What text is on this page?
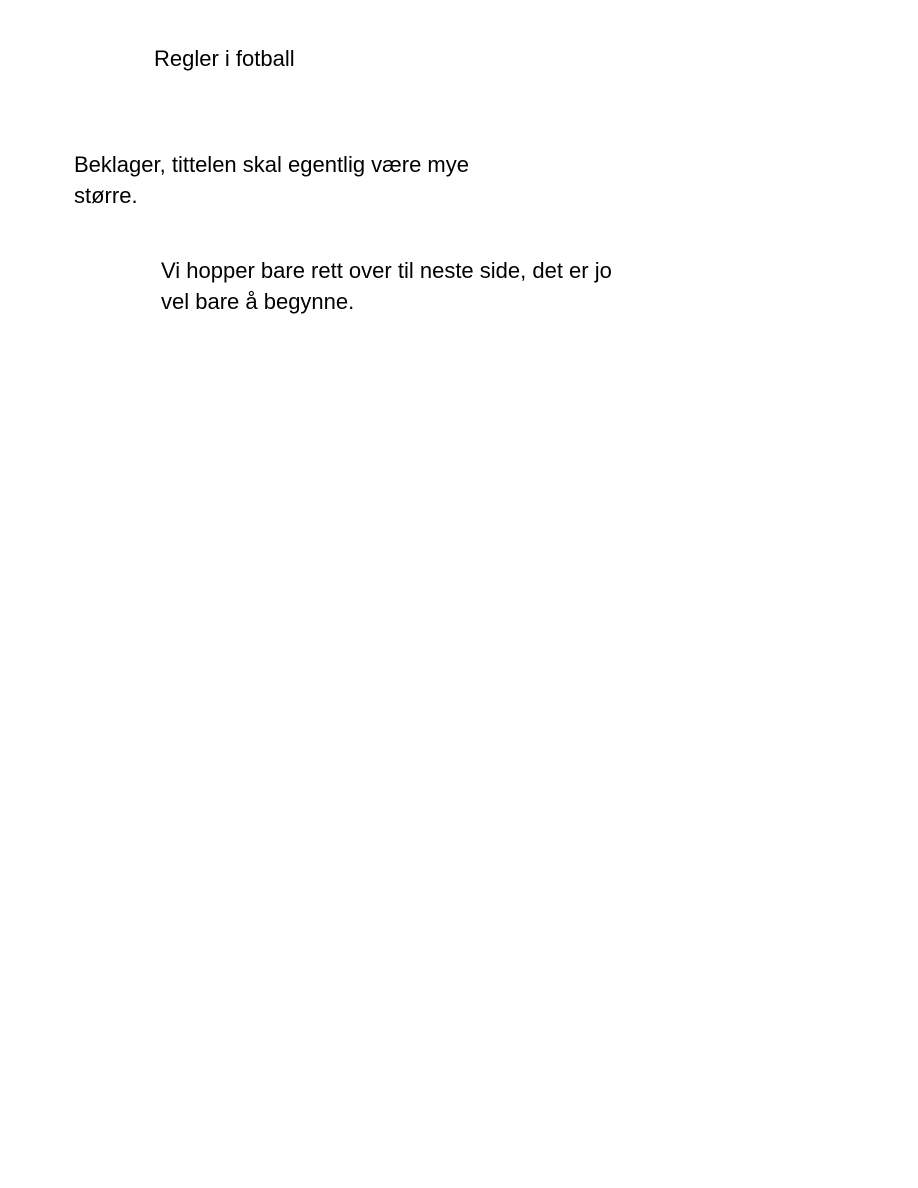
Regler i fotball

Beklager, tittelen skal egentlig være mye større.

Vi hopper bare rett over til neste side, det er jo vel bare å begynne.
